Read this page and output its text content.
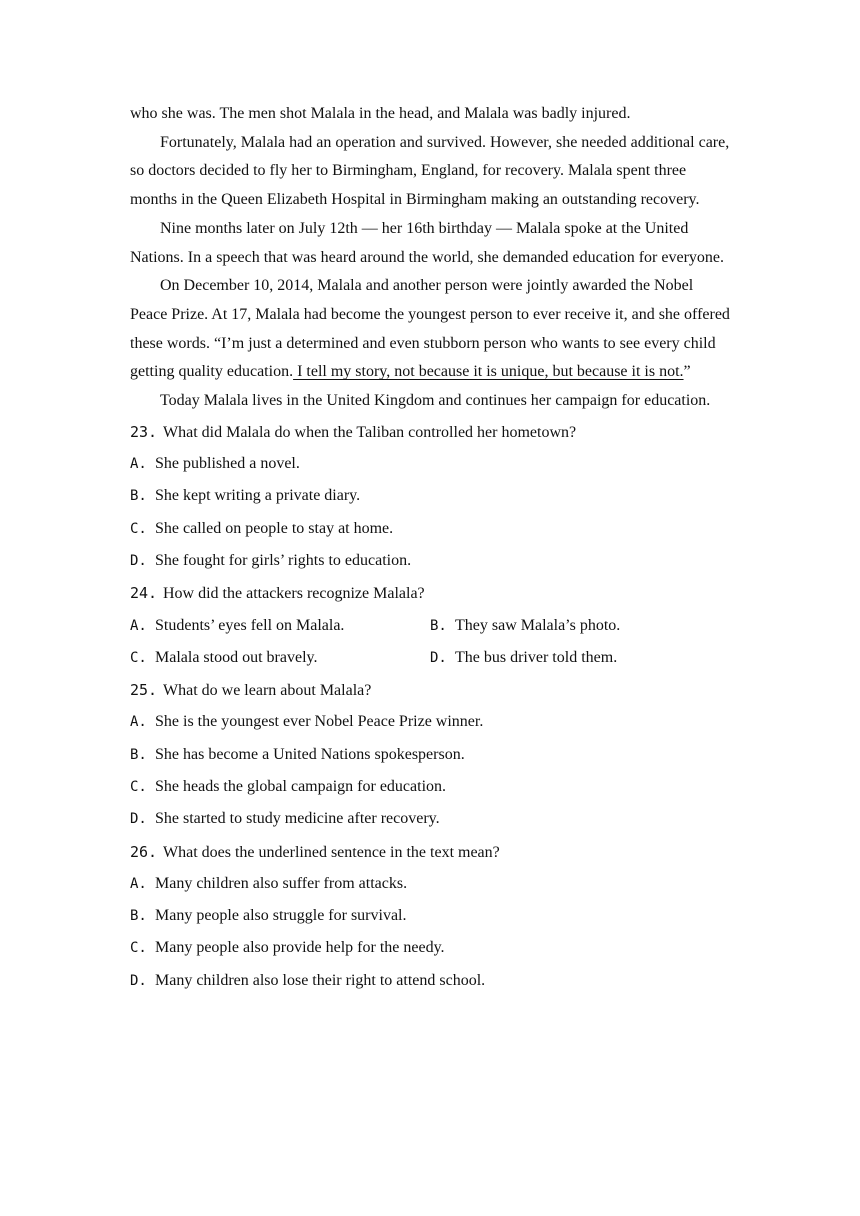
who she was. The men shot Malala in the head, and Malala was badly injured.

Fortunately, Malala had an operation and survived. However, she needed additional care, so doctors decided to fly her to Birmingham, England, for recovery. Malala spent three months in the Queen Elizabeth Hospital in Birmingham making an outstanding recovery.

Nine months later on July 12th — her 16th birthday — Malala spoke at the United Nations. In a speech that was heard around the world, she demanded education for everyone.

On December 10, 2014, Malala and another person were jointly awarded the Nobel Peace Prize. At 17, Malala had become the youngest person to ever receive it, and she offered these words. “I’m just a determined and even stubborn person who wants to see every child getting quality education. I tell my story, not because it is unique, but because it is not.”

Today Malala lives in the United Kingdom and continues her campaign for education.

23. What did Malala do when the Taliban controlled her hometown?
A. She published a novel.
B. She kept writing a private diary.
C. She called on people to stay at home.
D. She fought for girls’ rights to education.
24. How did the attackers recognize Malala?
A. Students’ eyes fell on Malala.	B. They saw Malala’s photo.
C. Malala stood out bravely.	D. The bus driver told them.
25. What do we learn about Malala?
A. She is the youngest ever Nobel Peace Prize winner.
B. She has become a United Nations spokesperson.
C. She heads the global campaign for education.
D. She started to study medicine after recovery.
26. What does the underlined sentence in the text mean?
A. Many children also suffer from attacks.
B. Many people also struggle for survival.
C. Many people also provide help for the needy.
D. Many children also lose their right to attend school.
